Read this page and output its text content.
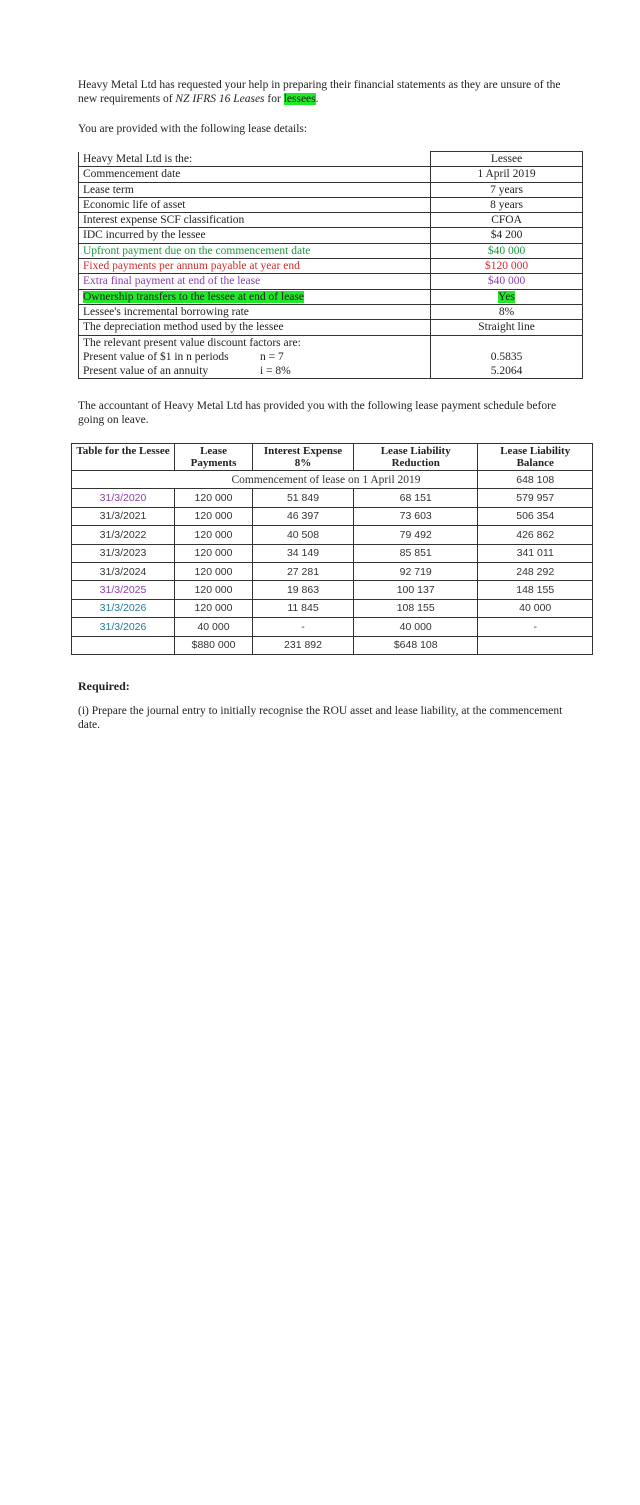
Heavy Metal Ltd has requested your help in preparing their financial statements as they are unsure of the new requirements of NZ IFRS 16 Leases for lessees.
You are provided with the following lease details:
Heavy Metal Ltd is the:	Lessee
Commencement date	1 April 2019
Lease term	7 years
Economic life of asset	8 years
Interest expense SCF classification	CFOA
IDC incurred by the lessee	$4 200
Upfront payment due on the commencement date	$40 000
Fixed payments per annum payable at year end	$120 000
Extra final payment at end of the lease	$40 000
Ownership transfers to the lessee at end of lease	Yes
Lessee's incremental borrowing rate	8%
The depreciation method used by the lessee	Straight line
The relevant present value discount factors are:	
Present value of $1 in n periods n = 7	0.5835
Present value of an annuity i = 8%	5.2064
The accountant of Heavy Metal Ltd has provided you with the following lease payment schedule before going on leave.
Table for the Lessee	Lease Payments	Interest Expense 8%	Lease Liability Reduction	Lease Liability Balance
	Commencement of lease on 1 April 2019			648 108
31/3/2020	120 000	51 849	68 151	579 957
31/3/2021	120 000	46 397	73 603	506 354
31/3/2022	120 000	40 508	79 492	426 862
31/3/2023	120 000	34 149	85 851	341 011
31/3/2024	120 000	27 281	92 719	248 292
31/3/2025	120 000	19 863	100 137	148 155
31/3/2026	120 000	11 845	108 155	40 000
31/3/2026	40 000	-	40 000	-
	$880 000	231 892	$648 108	
Required:
(i) Prepare the journal entry to initially recognise the ROU asset and lease liability, at the commencement date.
